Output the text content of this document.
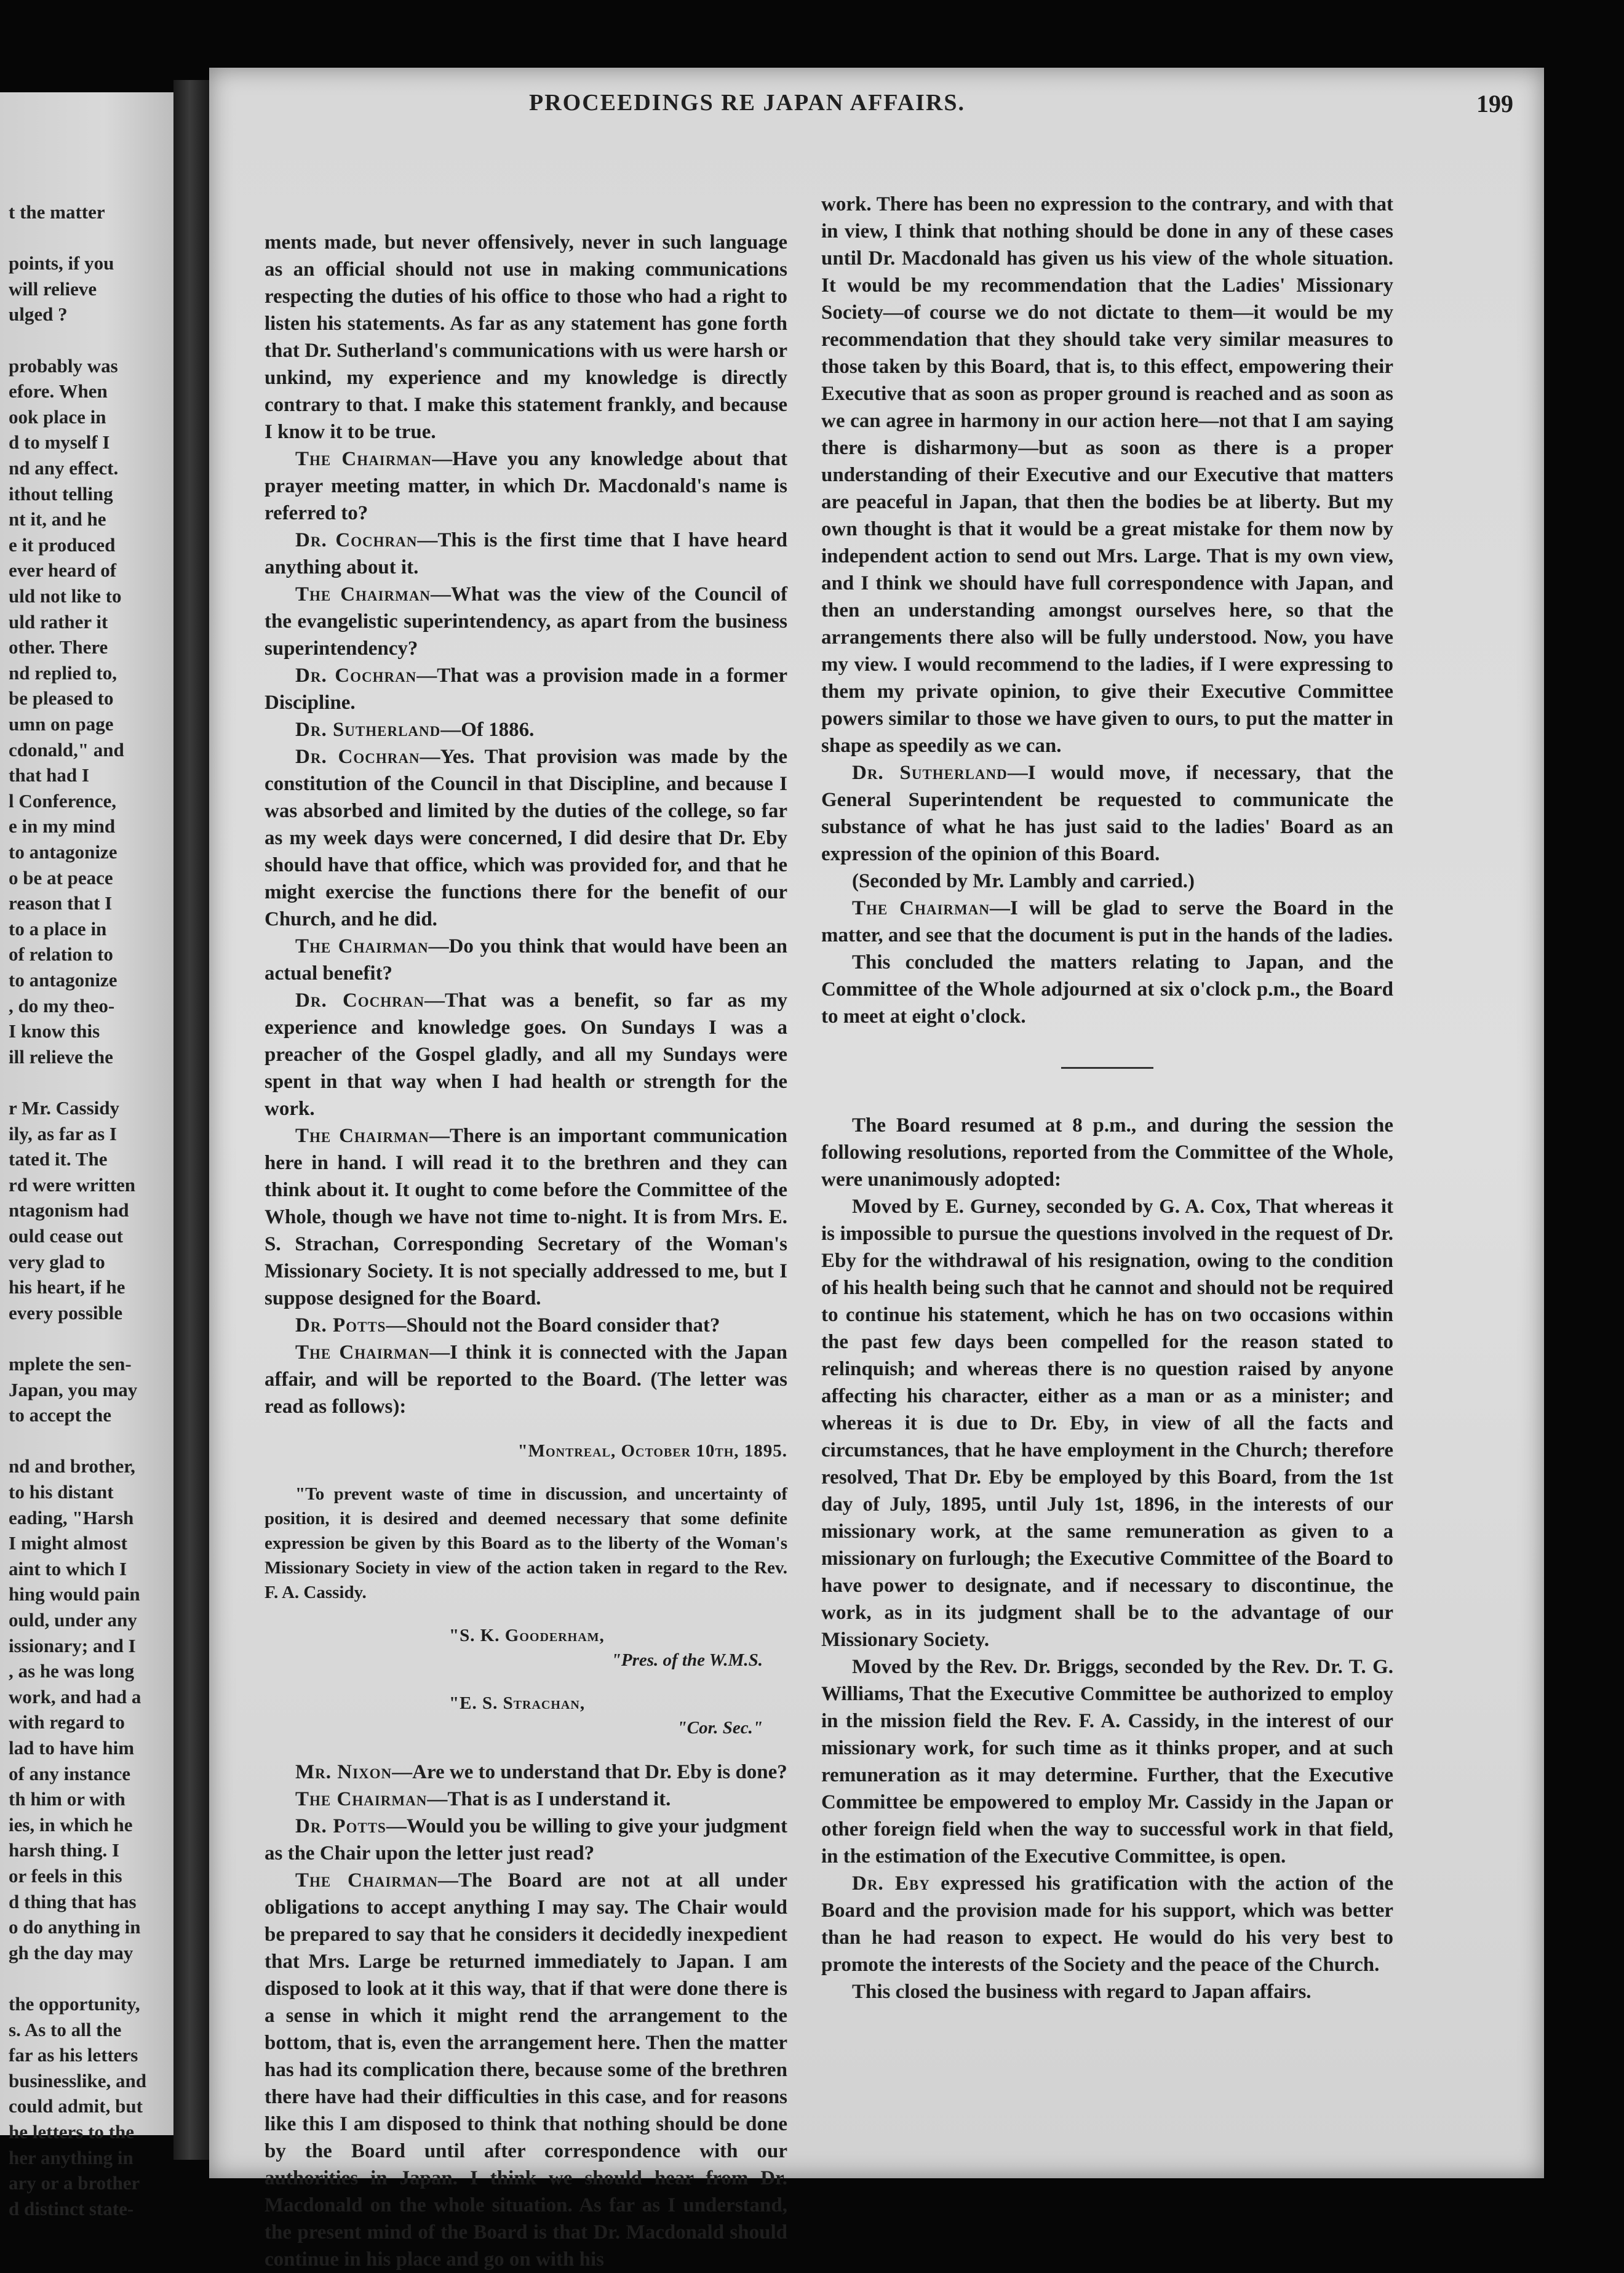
t the matter
points, if you
will relieve
ulged ?
probably was
efore. When
ook place in
d to myself I
nd any effect.
ithout telling
nt it, and he
e it produced
ever heard of
uld not like to
uld rather it
other. There
nd replied to,
be pleased to
umn on page
cdonald," and
that had I
l Conference,
e in my mind
to antagonize
o be at peace
reason that I
to a place in
of relation to
to antagonize
, do my theo-
I know this
ill relieve the
r Mr. Cassidy
ily, as far as I
tated it. The
rd were written
ntagonism had
ould cease out
very glad to
his heart, if he
every possible
mplete the sen-
Japan, you may
to accept the
nd and brother,
to his distant
eading, "Harsh
I might almost
aint to which I
hing would pain
ould, under any
issionary; and I
, as he was long
work, and had a
with regard to
lad to have him
of any instance
th him or with
ies, in which he
harsh thing. I
or feels in this
d thing that has
o do anything in
gh the day may
the opportunity,
s. As to all the
far as his letters
businesslike, and
could admit, but
he letters to the
her anything in
ary or a brother
d distinct state-
PROCEEDINGS RE JAPAN AFFAIRS.	199

ments made, but never offensively, never in such language as an official should not use in making communications respecting the duties of his office to those who had a right to listen his statements. As far as any statement has gone forth that Dr. Sutherland's communications with us were harsh or unkind, my experience and my knowledge is directly contrary to that. I make this statement frankly, and because I know it to be true.

The Chairman—Have you any knowledge about that prayer meeting matter, in which Dr. Macdonald's name is referred to?

Dr. Cochran—This is the first time that I have heard anything about it.

The Chairman—What was the view of the Council of the evangelistic superintendency, as apart from the business superintendency?

Dr. Cochran—That was a provision made in a former Discipline.

Dr. Sutherland—Of 1886.

Dr. Cochran—Yes. That provision was made by the constitution of the Council in that Discipline, and because I was absorbed and limited by the duties of the college, so far as my week days were concerned, I did desire that Dr. Eby should have that office, which was provided for, and that he might exercise the functions there for the benefit of our Church, and he did.

The Chairman—Do you think that would have been an actual benefit?

Dr. Cochran—That was a benefit, so far as my experience and knowledge goes. On Sundays I was a preacher of the Gospel gladly, and all my Sundays were spent in that way when I had health or strength for the work.

The Chairman—There is an important communication here in hand. I will read it to the brethren and they can think about it. It ought to come before the Committee of the Whole, though we have not time to-night. It is from Mrs. E. S. Strachan, Corresponding Secretary of the Woman's Missionary Society. It is not specially addressed to me, but I suppose designed for the Board.

Dr. Potts—Should not the Board consider that?

The Chairman—I think it is connected with the Japan affair, and will be reported to the Board. (The letter was read as follows):

"Montreal, October 10th, 1895.

"To prevent waste of time in discussion, and uncertainty of position, it is desired and deemed necessary that some definite expression be given by this Board as to the liberty of the Woman's Missionary Society in view of the action taken in regard to the Rev. F. A. Cassidy.

"S. K. Gooderham,

"Pres. of the W.M.S.

"E. S. Strachan,

"Cor. Sec."

Mr. Nixon—Are we to understand that Dr. Eby is done?

The Chairman—That is as I understand it.

Dr. Potts—Would you be willing to give your judgment as the Chair upon the letter just read?

The Chairman—The Board are not at all under obligations to accept anything I may say. The Chair would be prepared to say that he considers it decidedly inexpedient that Mrs. Large be returned immediately to Japan. I am disposed to look at it this way, that if that were done there is a sense in which it might rend the arrangement to the bottom, that is, even the arrangement here. Then the matter has had its complication there, because some of the brethren there have had their difficulties in this case, and for reasons like this I am disposed to think that nothing should be done by the Board until after correspondence with our authorities in Japan. I think we should hear from Dr. Macdonald on the whole situation. As far as I understand, the present mind of the Board is that Dr. Macdonald should continue in his place and go on with his

work. There has been no expression to the contrary, and with that in view, I think that nothing should be done in any of these cases until Dr. Macdonald has given us his view of the whole situation. It would be my recommendation that the Ladies' Missionary Society—of course we do not dictate to them—it would be my recommendation that they should take very similar measures to those taken by this Board, that is, to this effect, empowering their Executive that as soon as proper ground is reached and as soon as we can agree in harmony in our action here—not that I am saying there is disharmony—but as soon as there is a proper understanding of their Executive and our Executive that matters are peaceful in Japan, that then the bodies be at liberty. But my own thought is that it would be a great mistake for them now by independent action to send out Mrs. Large. That is my own view, and I think we should have full correspondence with Japan, and then an understanding amongst ourselves here, so that the arrangements there also will be fully understood. Now, you have my view. I would recommend to the ladies, if I were expressing to them my private opinion, to give their Executive Committee powers similar to those we have given to ours, to put the matter in shape as speedily as we can.

Dr. Sutherland—I would move, if necessary, that the General Superintendent be requested to communicate the substance of what he has just said to the ladies' Board as an expression of the opinion of this Board.

(Seconded by Mr. Lambly and carried.)

The Chairman—I will be glad to serve the Board in the matter, and see that the document is put in the hands of the ladies.

This concluded the matters relating to Japan, and the Committee of the Whole adjourned at six o'clock p.m., the Board to meet at eight o'clock.

The Board resumed at 8 p.m., and during the session the following resolutions, reported from the Committee of the Whole, were unanimously adopted:

Moved by E. Gurney, seconded by G. A. Cox, That whereas it is impossible to pursue the questions involved in the request of Dr. Eby for the withdrawal of his resignation, owing to the condition of his health being such that he cannot and should not be required to continue his statement, which he has on two occasions within the past few days been compelled for the reason stated to relinquish; and whereas there is no question raised by anyone affecting his character, either as a man or as a minister; and whereas it is due to Dr. Eby, in view of all the facts and circumstances, that he have employment in the Church; therefore resolved, That Dr. Eby be employed by this Board, from the 1st day of July, 1895, until July 1st, 1896, in the interests of our missionary work, at the same remuneration as given to a missionary on furlough; the Executive Committee of the Board to have power to designate, and if necessary to discontinue, the work, as in its judgment shall be to the advantage of our Missionary Society.

Moved by the Rev. Dr. Briggs, seconded by the Rev. Dr. T. G. Williams, That the Executive Committee be authorized to employ in the mission field the Rev. F. A. Cassidy, in the interest of our missionary work, for such time as it thinks proper, and at such remuneration as it may determine. Further, that the Executive Committee be empowered to employ Mr. Cassidy in the Japan or other foreign field when the way to successful work in that field, in the estimation of the Executive Committee, is open.

Dr. Eby expressed his gratification with the action of the Board and the provision made for his support, which was better than he had reason to expect. He would do his very best to promote the interests of the Society and the peace of the Church.

This closed the business with regard to Japan affairs.
